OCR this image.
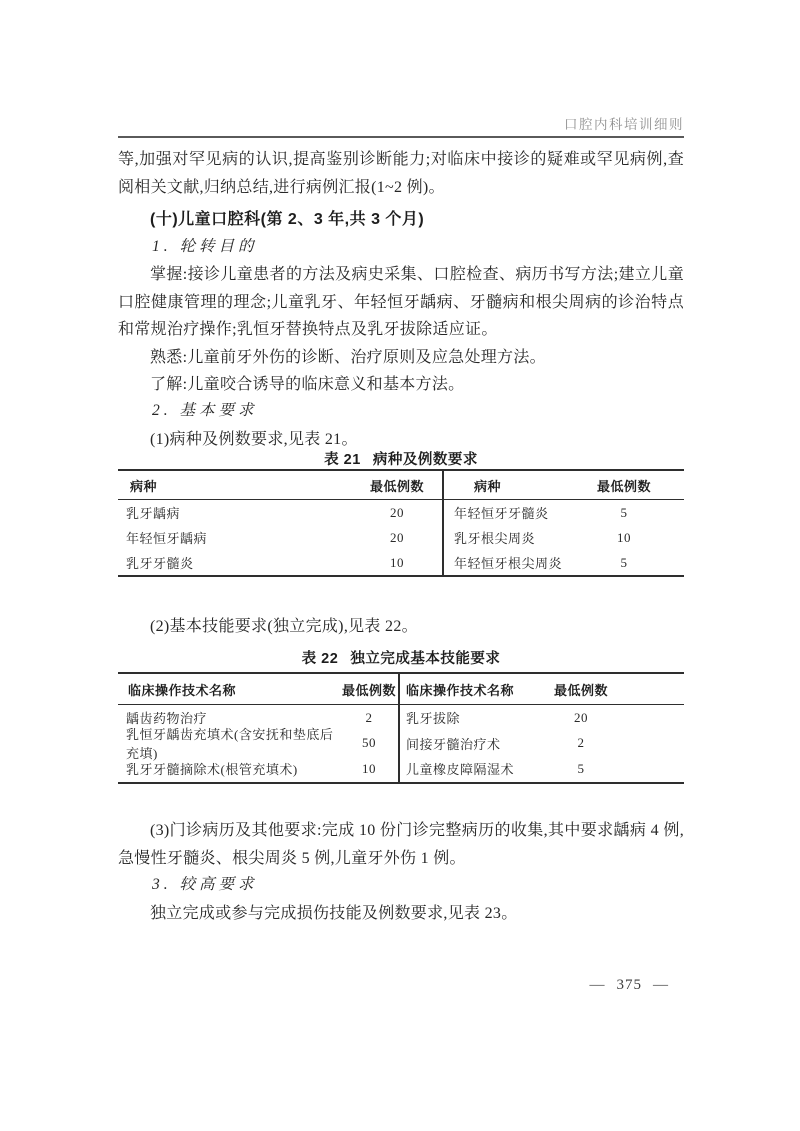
口腔内科培训细则
等,加强对罕见病的认识,提高鉴别诊断能力;对临床中接诊的疑难或罕见病例,查阅相关文献,归纳总结,进行病例汇报(1~2 例)。
(十)儿童口腔科(第 2、3 年,共 3 个月)
1. 轮转目的
掌握:接诊儿童患者的方法及病史采集、口腔检查、病历书写方法;建立儿童口腔健康管理的理念;儿童乳牙、年轻恒牙龋病、牙髓病和根尖周病的诊治特点和常规治疗操作;乳恒牙替换特点及乳牙拔除适应证。
熟悉:儿童前牙外伤的诊断、治疗原则及应急处理方法。
了解:儿童咬合诱导的临床意义和基本方法。
2. 基本要求
(1)病种及例数要求,见表 21。
表 21 病种及例数要求
病种	最低例数	病种	最低例数
乳牙龋病	20	年轻恒牙牙髓炎	5
年轻恒牙龋病	20	乳牙根尖周炎	10
乳牙牙髓炎	10	年轻恒牙根尖周炎	5
(2)基本技能要求(独立完成),见表 22。
表 22 独立完成基本技能要求
临床操作技术名称	最低例数 临床操作技术名称	最低例数
龋齿药物治疗	2	乳牙拔除	20
乳恒牙龋齿充填术(含安抚和垫底后充填)
50	间接牙髓治疗术	2
乳牙牙髓摘除术(根管充填术)	10	儿童橡皮障隔湿术	5
(3)门诊病历及其他要求:完成 10 份门诊完整病历的收集,其中要求龋病 4 例,急慢性牙髓炎、根尖周炎 5 例,儿童牙外伤 1 例。
3. 较高要求
独立完成或参与完成损伤技能及例数要求,见表 23。
— 375 —
